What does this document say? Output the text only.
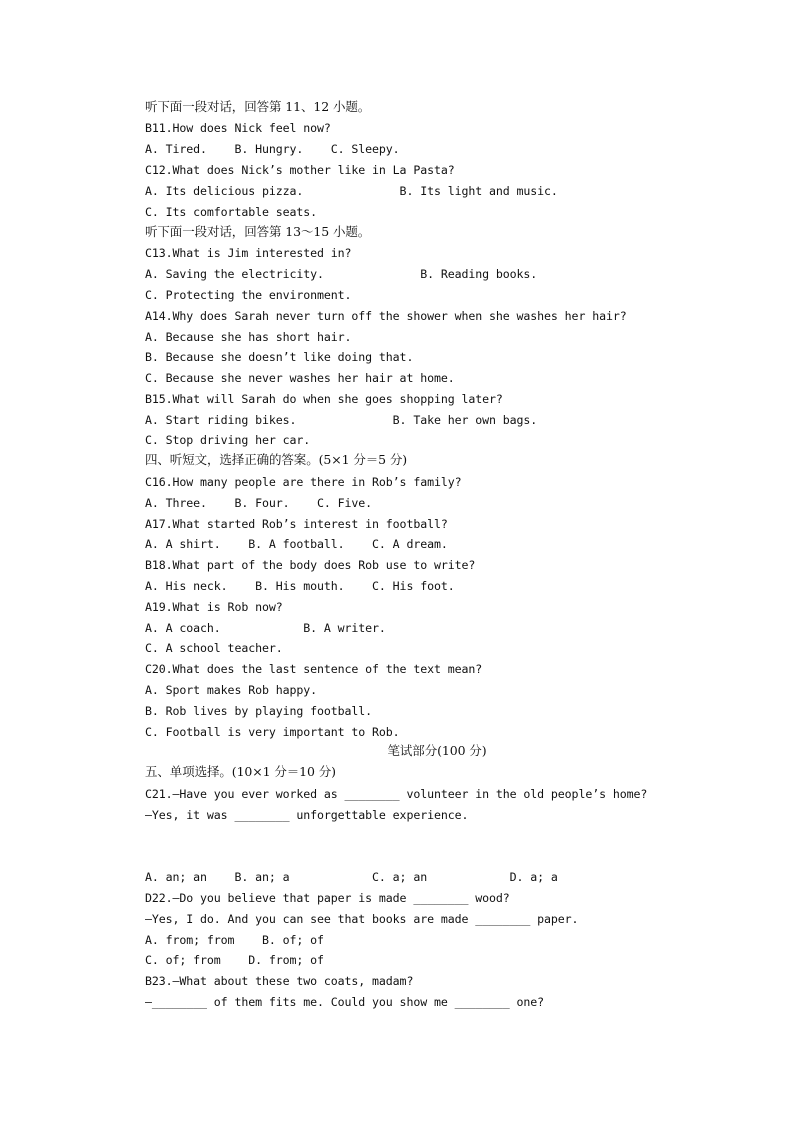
听下面一段对话，回答第 11、12 小题。
B11.How does Nick feel now?
A. Tired.    B. Hungry.    C. Sleepy.
C12.What does Nick’s mother like in La Pasta?
A. Its delicious pizza.              B. Its light and music.
C. Its comfortable seats.
听下面一段对话，回答第 13～15 小题。
C13.What is Jim interested in?
A. Saving the electricity.              B. Reading books.
C. Protecting the environment.
A14.Why does Sarah never turn off the shower when she washes her hair?
A. Because she has short hair.
B. Because she doesn’t like doing that.
C. Because she never washes her hair at home.
B15.What will Sarah do when she goes shopping later?
A. Start riding bikes.              B. Take her own bags.
C. Stop driving her car.
四、听短文，选择正确的答案。(5×1 分＝5 分)
C16.How many people are there in Rob’s family?
A. Three.    B. Four.    C. Five.
A17.What started Rob’s interest in football?
A. A shirt.    B. A football.    C. A dream.
B18.What part of the body does Rob use to write?
A. His neck.    B. His mouth.    C. His foot.
A19.What is Rob now?
A. A coach.            B. A writer.
C. A school teacher.
C20.What does the last sentence of the text mean?
A. Sport makes Rob happy.
B. Rob lives by playing football.
C. Football is very important to Rob.
笔试部分(100 分)
五、单项选择。(10×1 分＝10 分)
C21.—Have you ever worked as ________ volunteer in the old people’s home?
—Yes, it was ________ unforgettable experience.
A. an; an    B. an; a            C. a; an            D. a; a
D22.—Do you believe that paper is made ________ wood?
—Yes, I do. And you can see that books are made ________ paper.
A. from; from    B. of; of
C. of; from    D. from; of
B23.—What about these two coats, madam?
—________ of them fits me. Could you show me ________ one?
